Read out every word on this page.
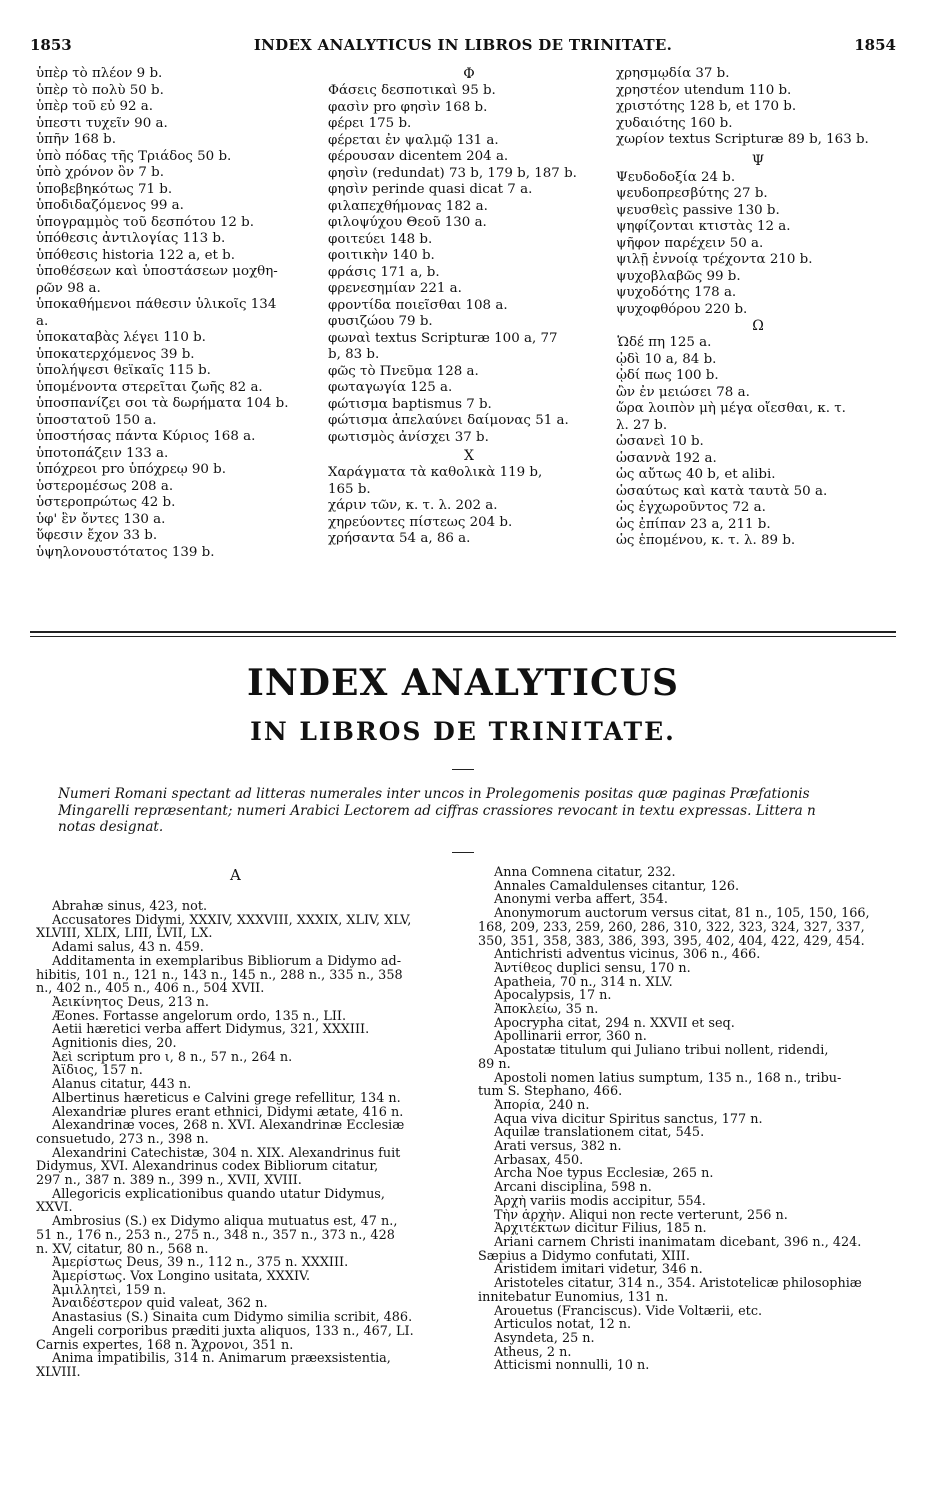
1853	INDEX ANALYTICUS IN LIBROS DE TRINITATE.	1854
ὑπὲρ τὸ πλέον 9 b.
ὑπὲρ τὸ πολὺ 50 b.
ὑπὲρ τοῦ εὖ 92 a.
ὑπεστι τυχεῖν 90 a.
ὑπῆν 168 b.
ὑπὸ πόδας τῆς Τριάδος 50 b.
ὑπὸ χρόνον ὂν 7 b.
ὑποβεβηκότως 71 b.
ὑποδιδαζόμενος 99 a.
ὑπογραμμὸς τοῦ δεσπότου 12 b.
ὑπόθεσις ἀντιλογίας 113 b.
ὑπόθεσις historia 122 a, et b.
ὑποθέσεων καὶ ὑποστάσεων μοχθη-
ρῶν 98 a.
ὑποκαθήμενοι πάθεσιν ὑλικοῖς 134
a.
ὑποκαταβὰς λέγει 110 b.
ὑποκατερχόμενος 39 b.
ὑπολήψεσι θεϊκαῖς 115 b.
ὑπομένοντα στερεῖται ζωῆς 82 a.
ὑποσπανίζει σοι τὰ δωρήματα 104 b.
ὑποστατοῦ 150 a.
ὑποστήσας πάντα Κύριος 168 a.
ὑποτοπάζειν 133 a.
ὑπόχρεοι pro ὑπόχρεῳ 90 b.
ὑστερομέσως 208 a.
ὑστεροπρώτως 42 b.
ὑφ' ἓν ὄντες 130 a.
ὕφεσιν ἔχον 33 b.
ὑψηλονουστότατος 139 b.
Φ
Φάσεις δεσποτικαὶ 95 b.
φασὶν pro φησὶν 168 b.
φέρει 175 b.
φέρεται ἐν ψαλμῷ 131 a.
φέρουσαν dicentem 204 a.
φησὶν (redundat) 73 b, 179 b, 187 b.
φησὶν perinde quasi dicat 7 a.
φιλαπεχθήμονας 182 a.
φιλοψύχου Θεοῦ 130 a.
φοιτεύει 148 b.
φοιτικὴν 140 b.
φράσις 171 a, b.
φρενεσημίαν 221 a.
φροντίδα ποιεῖσθαι 108 a.
φυσιζώου 79 b.
φωναὶ textus Scripturæ 100 a, 77
b, 83 b.
φῶς τὸ Πνεῦμα 128 a.
φωταγωγία 125 a.
φώτισμα baptismus 7 b.
φώτισμα ἀπελαύνει δαίμονας 51 a.
φωτισμὸς ἀνίσχει 37 b.
Χ
Χαράγματα τὰ καθολικὰ 119 b,
165 b.
χάριν τῶν, κ. τ. λ. 202 a.
χηρεύοντες πίστεως 204 b.
χρήσαντα 54 a, 86 a.
χρησμῳδία 37 b.
χρηστέον utendum 110 b.
χριστότης 128 b, et 170 b.
χυδαιότης 160 b.
χωρίον textus Scripturæ 89 b, 163 b.
Ψ
Ψευδοδοξία 24 b.
ψευδοπρεσβύτης 27 b.
ψευσθεὶς passive 130 b.
ψηφίζονται κτιστὰς 12 a.
ψῆφον παρέχειν 50 a.
ψιλῇ ἐννοίᾳ τρέχοντα 210 b.
ψυχοβλαβῶς 99 b.
ψυχοδότης 178 a.
ψυχοφθόρου 220 b.
Ω
Ὧδέ πη 125 a.
ᾠδὶ 10 a, 84 b.
ᾠδί πως 100 b.
ὢν ἐν μειώσει 78 a.
ὥρα λοιπὸν μὴ μέγα οἴεσθαι, κ. τ.
λ. 27 b.
ὡσανεὶ 10 b.
ὡσαννὰ 192 a.
ὡς αὔτως 40 b, et alibi.
ὡσαύτως καὶ κατὰ ταυτὰ 50 a.
ὡς ἐγχωροῦντος 72 a.
ὡς ἐπίπαν 23 a, 211 b.
ὡς ἑπομένου, κ. τ. λ. 89 b.
INDEX ANALYTICUS
IN LIBROS DE TRINITATE.
Numeri Romani spectant ad litteras numerales inter uncos in Prolegomenis positas quæ paginas Præfationis
Mingarelli repræsentant; numeri Arabici Lectorem ad ciffras crassiores revocant in textu expressas. Littera n
notas designat.
A
Abrahæ sinus, 423, not.
Accusatores Didymi, XXXIV, XXXVIII, XXXIX, XLIV, XLV,
XLVIII, XLIX, LIII, LVII, LX.
Adami salus, 43 n. 459.
Additamenta in exemplaribus Bibliorum a Didymo ad-
hibitis, 101 n., 121 n., 143 n., 145 n., 288 n., 335 n., 358
n., 402 n., 405 n., 406 n., 504 XVII.
Ἀεικίνητος Deus, 213 n.
Æones. Fortasse angelorum ordo, 135 n., LII.
Aetii hæretici verba affert Didymus, 321, XXXIII.
Agnitionis dies, 20.
Ἀεὶ scriptum pro ι, 8 n., 57 n., 264 n.
Ἀΐδιος, 157 n.
Alanus citatur, 443 n.
Albertinus hæreticus e Calvini grege refellitur, 134 n.
Alexandriæ plures erant ethnici, Didymi ætate, 416 n.
Alexandrinæ voces, 268 n. XVI. Alexandrinæ Ecclesiæ
consuetudo, 273 n., 398 n.
Alexandrini Catechistæ, 304 n. XIX. Alexandrinus fuit
Didymus, XVI. Alexandrinus codex Bibliorum citatur,
297 n., 387 n. 389 n., 399 n., XVII, XVIII.
Allegoricis explicationibus quando utatur Didymus,
XXVI.
Ambrosius (S.) ex Didymo aliqua mutuatus est, 47 n.,
51 n., 176 n., 253 n., 275 n., 348 n., 357 n., 373 n., 428
n. XV, citatur, 80 n., 568 n.
Ἀμερίστως Deus, 39 n., 112 n., 375 n. XXXIII.
Ἀμερίστως. Vox Longino usitata, XXXIV.
Ἀμιλλητεὶ, 159 n.
Ἀναιδέστερον quid valeat, 362 n.
Anastasius (S.) Sinaita cum Didymo similia scribit, 486.
Angeli corporibus præditi juxta aliquos, 133 n., 467, LI.
Carnis expertes, 168 n. Ἄχρονοι, 351 n.
Anima impatibilis, 314 n. Animarum præexsistentia,
XLVIII.
Anna Comnena citatur, 232.
Annales Camaldulenses citantur, 126.
Anonymi verba affert, 354.
Anonymorum auctorum versus citat, 81 n., 105, 150, 166,
168, 209, 233, 259, 260, 286, 310, 322, 323, 324, 327, 337,
350, 351, 358, 383, 386, 393, 395, 402, 404, 422, 429, 454.
Antichristi adventus vicinus, 306 n., 466.
Ἀντίθεος duplici sensu, 170 n.
Apatheia, 70 n., 314 n. XLV.
Apocalypsis, 17 n.
Ἀποκλείω, 35 n.
Apocrypha citat, 294 n. XXVII et seq.
Apollinarii error, 360 n.
Apostatæ titulum qui Juliano tribui nollent, ridendi,
89 n.
Apostoli nomen latius sumptum, 135 n., 168 n., tribu-
tum S. Stephano, 466.
Ἀπορία, 240 n.
Aqua viva dicitur Spiritus sanctus, 177 n.
Aquilæ translationem citat, 545.
Arati versus, 382 n.
Arbasax, 450.
Archa Noe typus Ecclesiæ, 265 n.
Arcani disciplina, 598 n.
Ἀρχὴ variis modis accipitur, 554.
Τὴν ἀρχὴν. Aliqui non recte verterunt, 256 n.
Ἀρχιτέκτων dicitur Filius, 185 n.
Ariani carnem Christi inanimatam dicebant, 396 n., 424.
Sæpius a Didymo confutati, XIII.
Aristidem imitari videtur, 346 n.
Aristoteles citatur, 314 n., 354. Aristotelicæ philosophiæ
innitebatur Eunomius, 131 n.
Arouetus (Franciscus). Vide Voltærii, etc.
Articulos notat, 12 n.
Asyndeta, 25 n.
Atheus, 2 n.
Atticismi nonnulli, 10 n.
